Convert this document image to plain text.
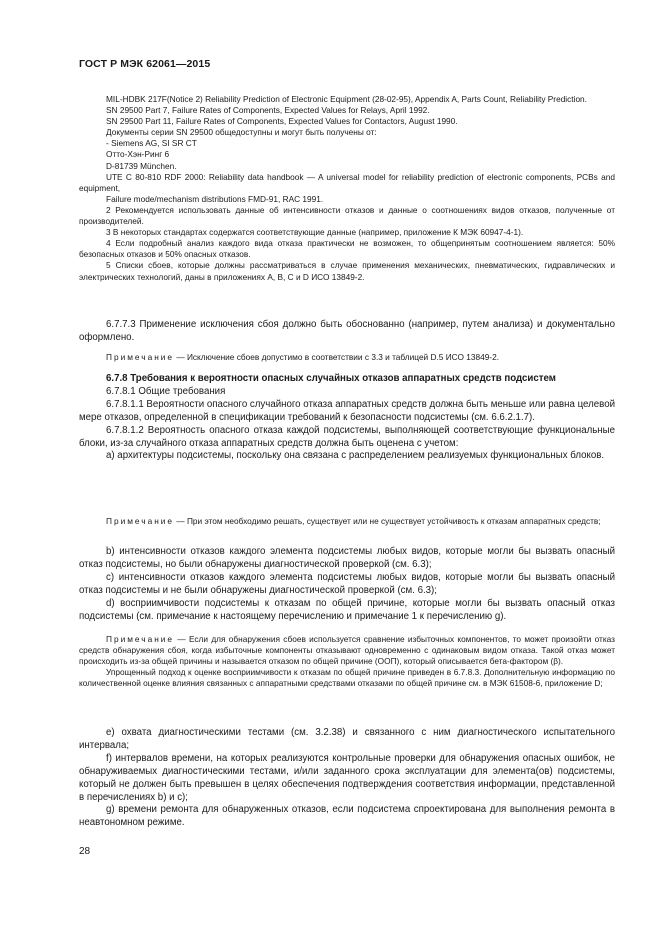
ГОСТ Р МЭК 62061—2015

MIL-HDBK 217F(Notice 2) Reliability Prediction of Electronic Equipment (28-02-95), Appendix A, Parts Count, Reliability Prediction.

SN 29500 Part 7, Failure Rates of Components, Expected Values for Relays, April 1992.

SN 29500 Part 11, Failure Rates of Components, Expected Values for Contactors, August 1990.

Документы серии SN 29500 общедоступны и могут быть получены от:

- Siemens AG, SI SR CT

Отто-Хэн-Ринг 6

D-81739 München.

UTE C 80-810 RDF 2000: Reliability data handbook — A universal model for reliability prediction of electronic components, PCBs and equipment,

Failure mode/mechanism distributions FMD-91, RAC 1991.

2 Рекомендуется использовать данные об интенсивности отказов и данные о соотношениях видов отказов, полученные от производителей.

3 В некоторых стандартах содержатся соответствующие данные (например, приложение К МЭК 60947-4-1).

4 Если подробный анализ каждого вида отказа практически не возможен, то общепринятым соотношением является: 50% безопасных отказов и 50% опасных отказов.

5 Списки сбоев, которые должны рассматриваться в случае применения механических, пневматических, гидравлических и электрических технологий, даны в приложениях А, В, С и D ИСО 13849-2.

6.7.7.3 Применение исключения сбоя должно быть обоснованно (например, путем анализа) и документально оформлено.

Примечание — Исключение сбоев допустимо в соответствии с 3.3 и таблицей D.5 ИСО 13849-2.

6.7.8 Требования к вероятности опасных случайных отказов аппаратных средств подсистем

6.7.8.1 Общие требования

6.7.8.1.1 Вероятности опасного случайного отказа аппаратных средств должна быть меньше или равна целевой мере отказов, определенной в спецификации требований к безопасности подсистемы (см. 6.6.2.1.7).

6.7.8.1.2 Вероятность опасного отказа каждой подсистемы, выполняющей соответствующие функциональные блоки, из-за случайного отказа аппаратных средств должна быть оценена с учетом:

a) архитектуры подсистемы, поскольку она связана с распределением реализуемых функциональных блоков.

Примечание — При этом необходимо решать, существует или не существует устойчивость к отказам аппаратных средств;

b) интенсивности отказов каждого элемента подсистемы любых видов, которые могли бы вызвать опасный отказ подсистемы, но были обнаружены диагностической проверкой (см. 6.3);

c) интенсивности отказов каждого элемента подсистемы любых видов, которые могли бы вызвать опасный отказ подсистемы и не были обнаружены диагностической проверкой (см. 6.3);

d) восприимчивости подсистемы к отказам по общей причине, которые могли бы вызвать опасный отказ подсистемы (см. примечание к настоящему перечислению и примечание 1 к перечислению g).

Примечание — Если для обнаружения сбоев используется сравнение избыточных компонентов, то может произойти отказ средств обнаружения сбоя, когда избыточные компоненты отказывают одновременно с одинаковым видом отказа. Такой отказ может происходить из-за общей причины и называется отказом по общей причине (ООП), который описывается бета-фактором (β).

Упрощенный подход к оценке восприимчивости к отказам по общей причине приведен в 6.7.8.3. Дополнительную информацию по количественной оценке влияния связанных с аппаратными средствами отказами по общей причине см. в МЭК 61508-6, приложение D;

e) охвата диагностическими тестами (см. 3.2.38) и связанного с ним диагностического испытательного интервала;

f) интервалов времени, на которых реализуются контрольные проверки для обнаружения опасных ошибок, не обнаруживаемых диагностическими тестами, и/или заданного срока эксплуатации для элемента(ов) подсистемы, который не должен быть превышен в целях обеспечения подтверждения соответствия информации, представленной в перечислениях b) и c);

g) времени ремонта для обнаруженных отказов, если подсистема спроектирована для выполнения ремонта в неавтономном режиме.

28
